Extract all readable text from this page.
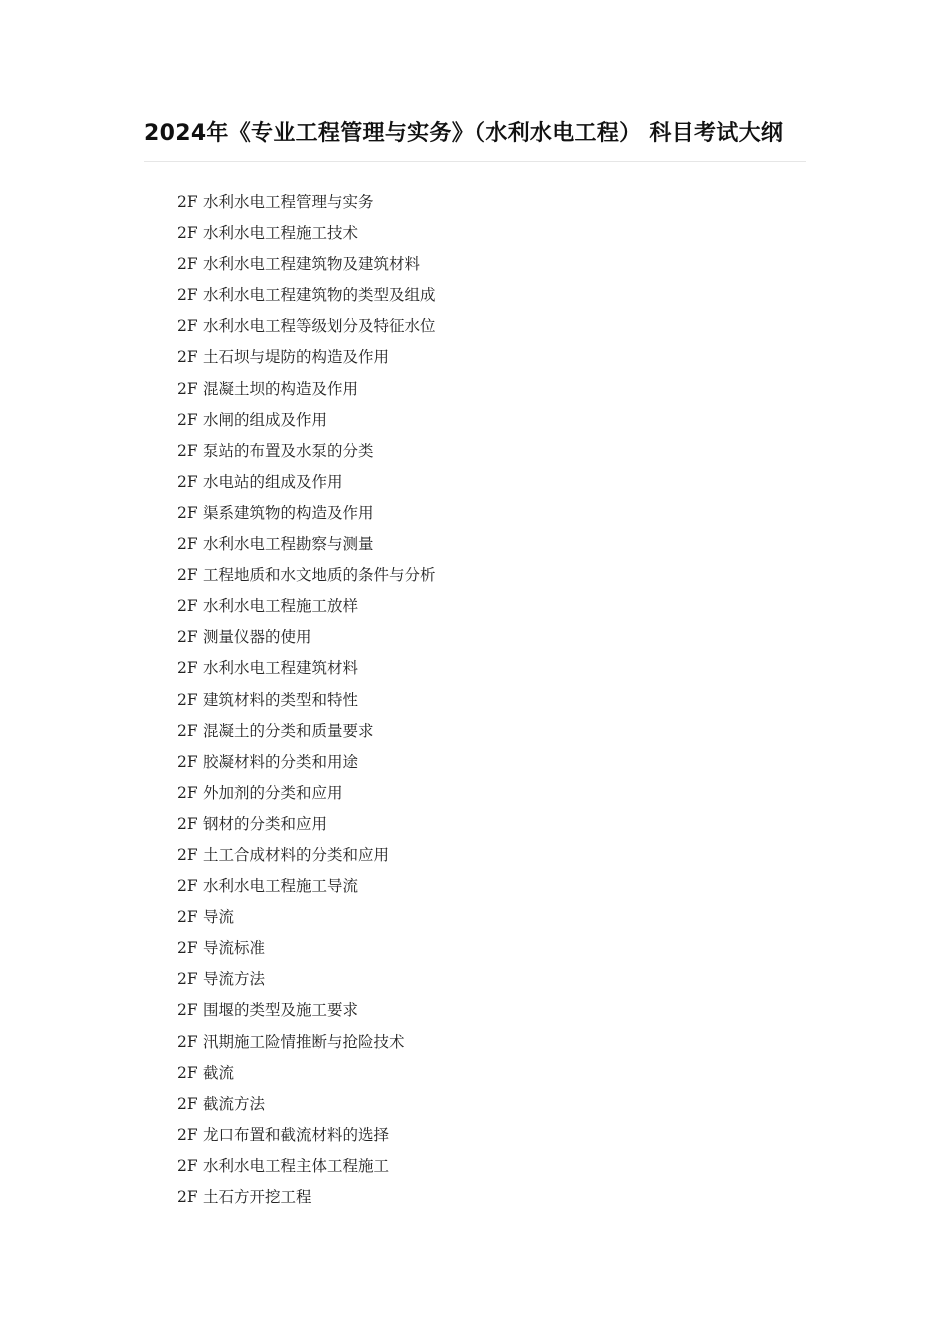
2024年《专业工程管理与实务》（水利水电工程） 科目考试大纲
2F 水利水电工程管理与实务
2F 水利水电工程施工技术
2F 水利水电工程建筑物及建筑材料
2F 水利水电工程建筑物的类型及组成
2F 水利水电工程等级划分及特征水位
2F 土石坝与堤防的构造及作用
2F 混凝土坝的构造及作用
2F 水闸的组成及作用
2F 泵站的布置及水泵的分类
2F 水电站的组成及作用
2F 渠系建筑物的构造及作用
2F 水利水电工程勘察与测量
2F 工程地质和水文地质的条件与分析
2F 水利水电工程施工放样
2F 测量仪器的使用
2F 水利水电工程建筑材料
2F 建筑材料的类型和特性
2F 混凝土的分类和质量要求
2F 胶凝材料的分类和用途
2F 外加剂的分类和应用
2F 钢材的分类和应用
2F 土工合成材料的分类和应用
2F 水利水电工程施工导流
2F 导流
2F 导流标准
2F 导流方法
2F 围堰的类型及施工要求
2F 汛期施工险情推断与抢险技术
2F 截流
2F 截流方法
2F 龙口布置和截流材料的选择
2F 水利水电工程主体工程施工
2F 土石方开挖工程
